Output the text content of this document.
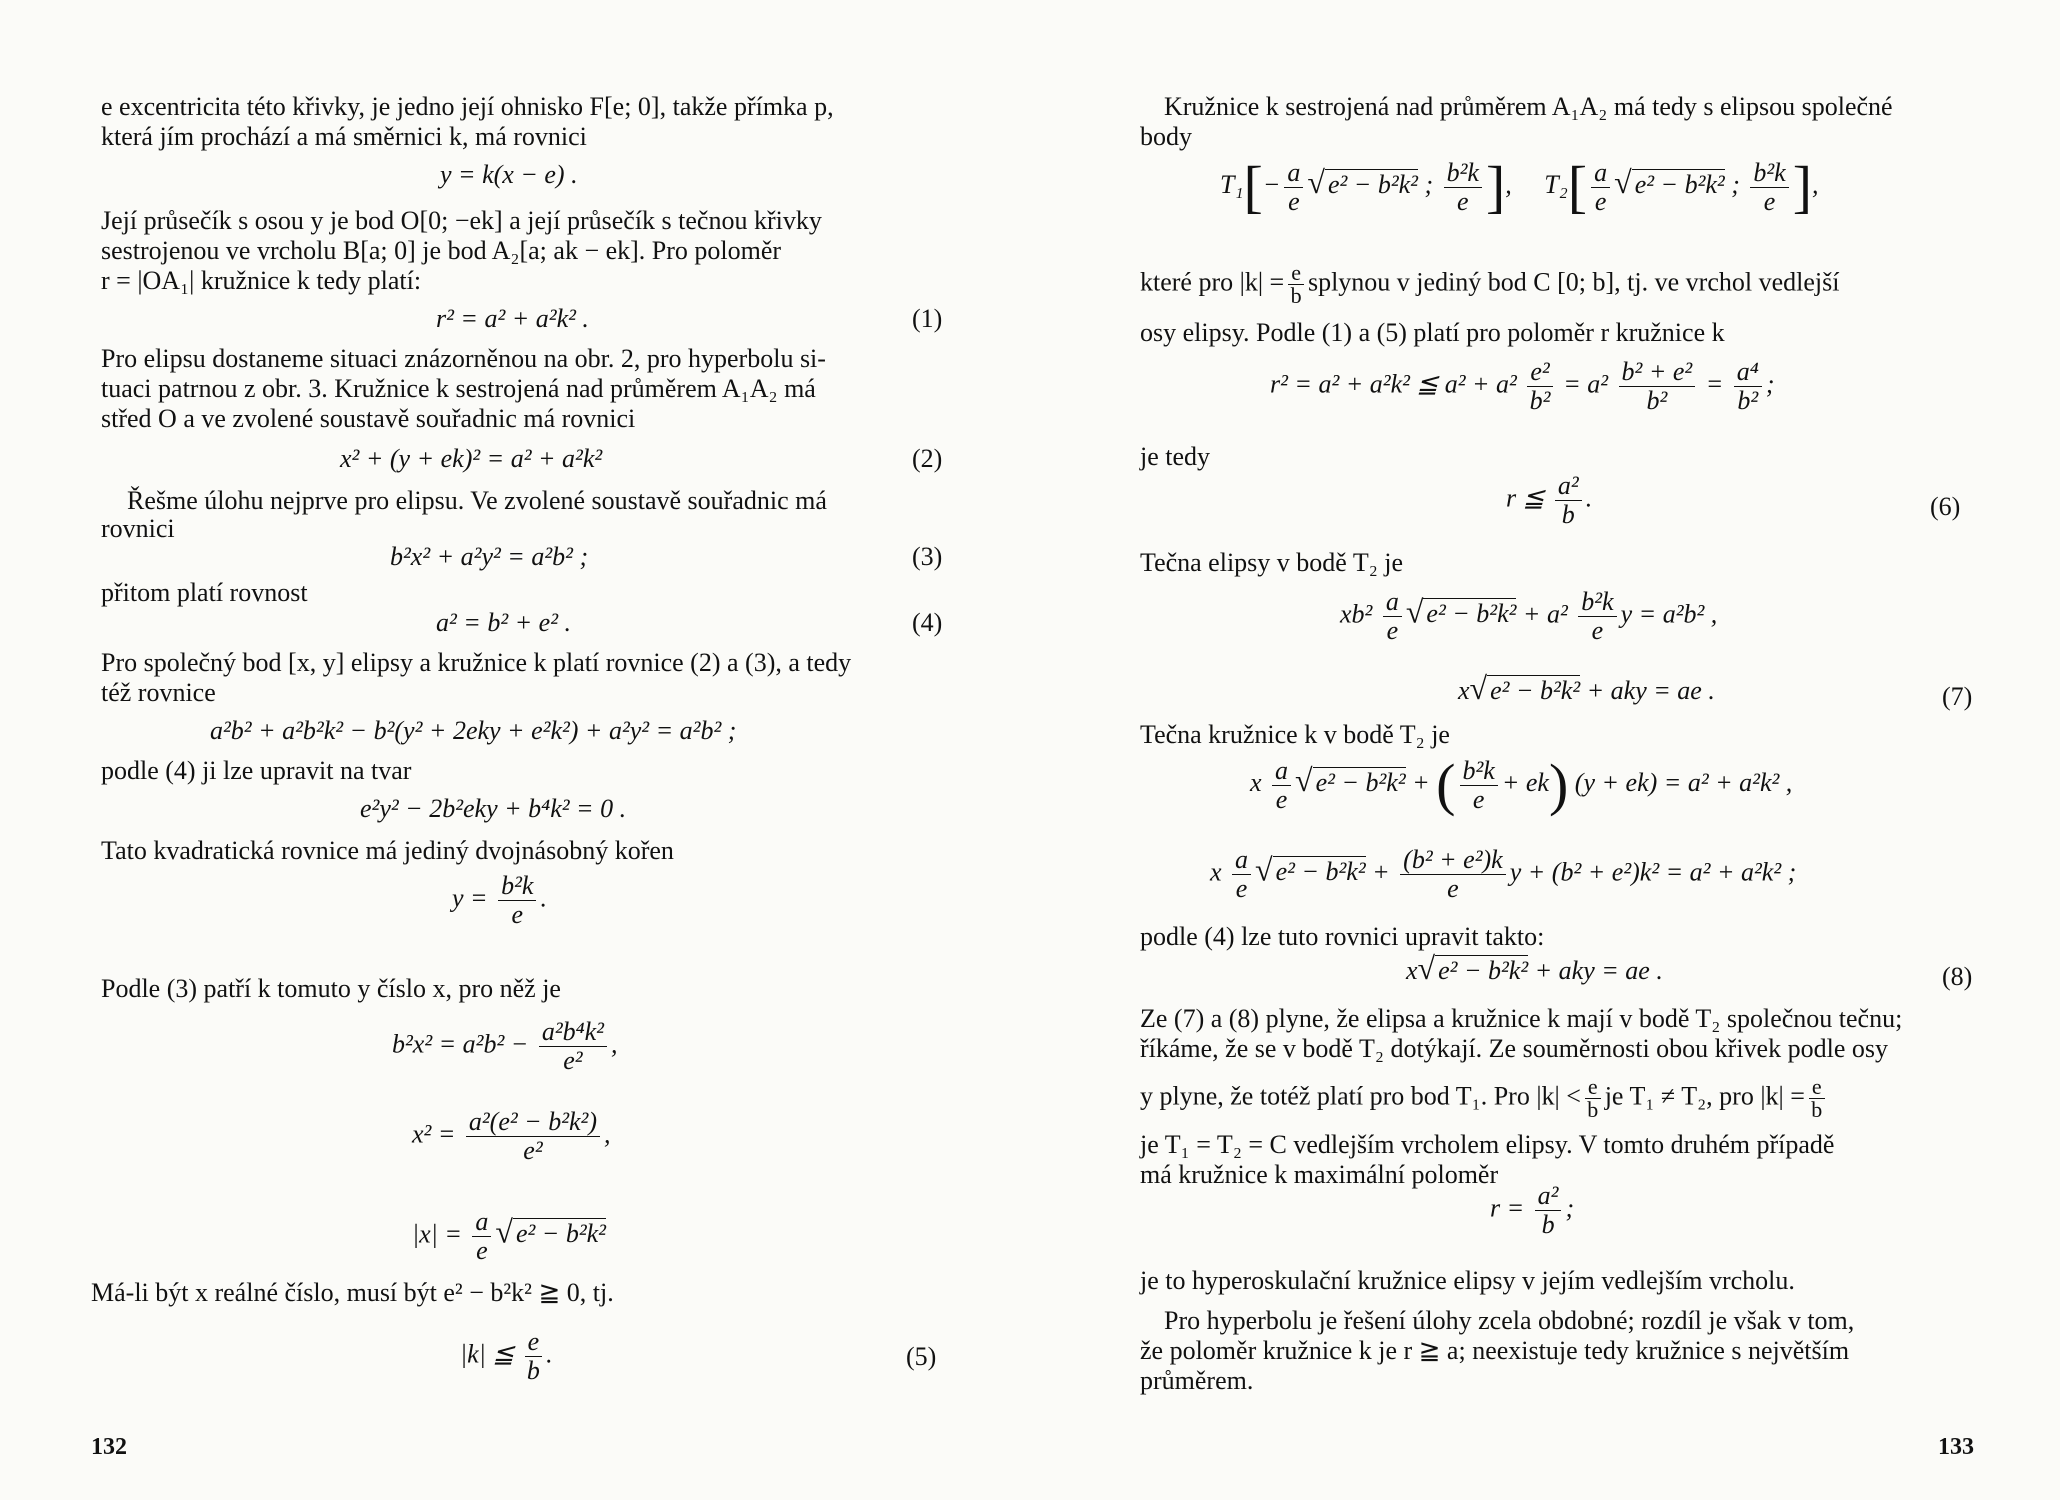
e excentricita této křivky, je jedno její ohnisko F[e; 0], takže přímka p,
která jím prochází a má směrnici k, má rovnici
y = k(x − e) .
Její průsečík s osou y je bod O[0; −ek] a její průsečík s tečnou křivky
sestrojenou ve vrcholu B[a; 0] je bod A₂[a; ak − ek]. Pro poloměr
r = |OA₁| kružnice k tedy platí:
r² = a² + a²k² .	(1)
Pro elipsu dostaneme situaci znázorněnou na obr. 2, pro hyperbolu si-
tuaci patrnou z obr. 3. Kružnice k sestrojená nad průměrem A₁A₂ má
střed O a ve zvolené soustavě souřadnic má rovnici
x² + (y + ek)² = a² + a²k²	(2)
Řešme úlohu nejprve pro elipsu. Ve zvolené soustavě souřadnic má
rovnici
b²x² + a²y² = a²b² ;	(3)
přitom platí rovnost
a² = b² + e² .	(4)
Pro společný bod [x, y] elipsy a kružnice k platí rovnice (2) a (3), a tedy
též rovnice
a²b² + a²b²k² − b²(y² + 2eky + e²k²) + a²y² = a²b² ;
podle (4) ji lze upravit na tvar
e²y² − 2b²eky + b⁴k² = 0 .
Tato kvadratická rovnice má jediný dvojnásobný kořen
$y = \frac{\text{b²k}}{e}$ .
Podle (3) patří k tomuto y číslo x, pro něž je
$b^2x^2 = a^2b^2 - \frac{\text{a²b⁴k²}}{\text{e²}}$ ,
$x^2 = \frac{\text{a²(e² − b²k²)}}{\text{e²}}$ ,
$|x| = \frac{a}{e}$ √ e² − b²k²
Má-li být x reálné číslo, musí být e² − b²k² ≧ 0, tj.
|k| ≦ $\frac{e}{b}$ .	(5)
132
Kružnice k sestrojená nad průměrem A₁A₂ má tedy s elipsou společné
body
$T_1[- \frac{a}{e}$ √ e² − b²k² ; $\frac{\text{b²k}}{e}$ ], $T_2[ \frac{a}{e}$ √ e² − b²k² ; $\frac{\text{b²k}}{e}$ ],
které pro $|k| = \frac{e}{b}$ splynou v jediný bod C [0; b], tj. ve vrchol vedlejší
osy elipsy. Podle (1) a (5) platí pro poloměr r kružnice k
r² = a² + a²k² ≦ $a^2 + a^2 \frac{\text{e²}}{\text{b²}} = a^2 \frac{\text{b² + e²}}{\text{b²}} = \frac{\text{a⁴}}{\text{b²}}$ ;
je tedy
r ≦ $\frac{\text{a²}}{b}$ .	(6)
Tečna elipsy v bodě T₂ je
$xb^2 \frac{a}{e}$ √ $e^2 - b^2k^2 + a^2 \frac{\text{b²k}}{e}$ y = a²b² ,
x√ e² − b²k² + aky = ae .	(7)
Tečna kružnice k v bodě T₂ je
x $\frac{a}{e}$ √ e² − b²k² + ( $\frac{\text{b²k}}{e} + ek$) (y + ek) = a² + a²k² ,
x $\frac{a}{e}$ √ $e^2 - b^2k^2 + \frac{\text{(b² + e²)k}}{e}$ y + (b² + e²)k² = a² + a²k² ;
podle (4) lze tuto rovnici upravit takto:
x√ e² − b²k² + aky = ae .	(8)
Ze (7) a (8) plyne, že elipsa a kružnice k mají v bodě T₂ společnou tečnu;
říkáme, že se v bodě T₂ dotýkají. Ze souměrnosti obou křivek podle osy
y plyne, že totéž platí pro bod T₁. Pro $|k| < \frac{e}{b}$ je T₁ ≠ T₂, pro $|k| = \frac{e}{b}$
je T₁ = T₂ = C vedlejším vrcholem elipsy. V tomto druhém případě
má kružnice k maximální poloměr
$r = \frac{\text{a²}}{b}$ ;
je to hyperoskulační kružnice elipsy v jejím vedlejším vrcholu.
Pro hyperbolu je řešení úlohy zcela obdobné; rozdíl je však v tom,
že poloměr kružnice k je r ≧ a; neexistuje tedy kružnice s největším
průměrem.
133
